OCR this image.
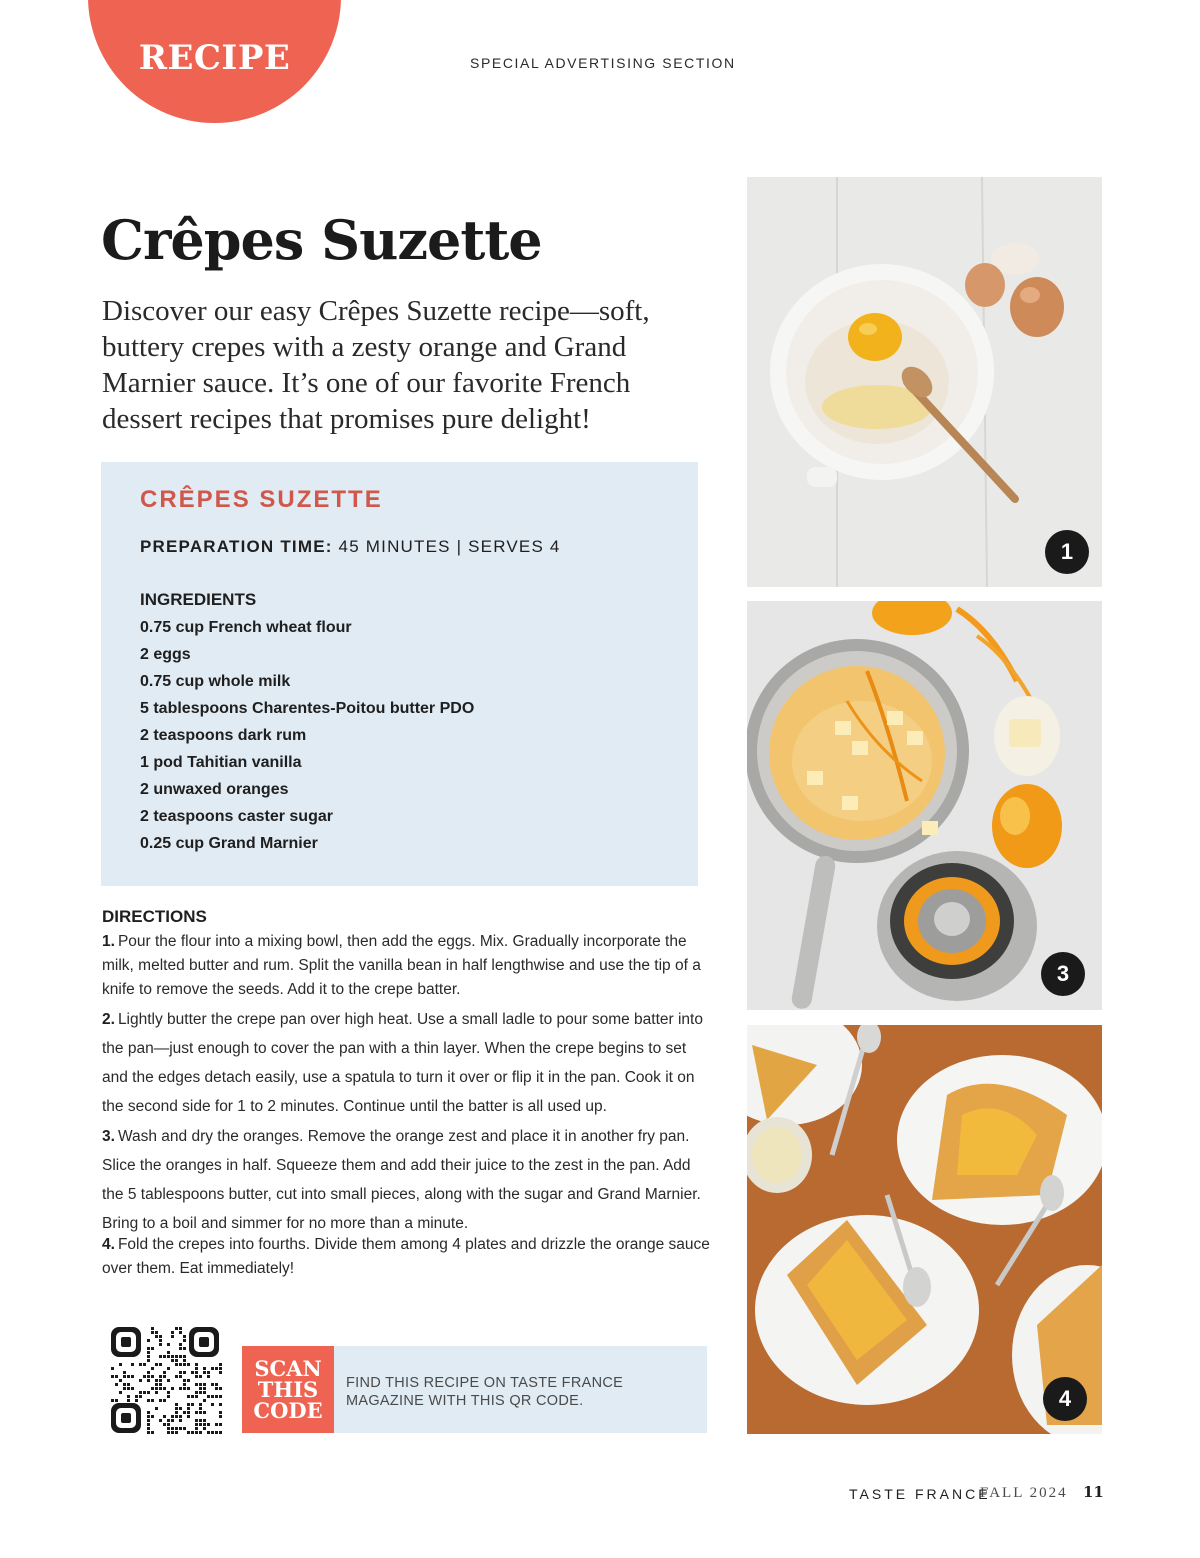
RECIPE	SPECIAL ADVERTISING SECTION
Crêpes Suzette

Discover our easy Crêpes Suzette recipe—soft, buttery crepes with a zesty orange and Grand Marnier sauce. It’s one of our favorite French dessert recipes that promises pure delight!

CRÊPES SUZETTE
PREPARATION TIME: 45 MINUTES | SERVES 4
INGREDIENTS
0.75 cup French wheat flour
2 eggs
0.75 cup whole milk
5 tablespoons Charentes-Poitou butter PDO
2 teaspoons dark rum
1 pod Tahitian vanilla
2 unwaxed oranges
2 teaspoons caster sugar
0.25 cup Grand Marnier
DIRECTIONS

1. Pour the flour into a mixing bowl, then add the eggs. Mix. Gradually incorporate the milk, melted butter and rum. Split the vanilla bean in half lengthwise and use the tip of a knife to remove the seeds. Add it to the crepe batter.

2. Lightly butter the crepe pan over high heat. Use a small ladle to pour some batter into the pan—just enough to cover the pan with a thin layer. When the crepe begins to set and the edges detach easily, use a spatula to turn it over or flip it in the pan. Cook it on the second side for 1 to 2 minutes. Continue until the batter is all used up.

3. Wash and dry the oranges. Remove the orange zest and place it in another fry pan. Slice the oranges in half. Squeeze them and add their juice to the zest in the pan. Add the 5 tablespoons butter, cut into small pieces, along with the sugar and Grand Marnier. Bring to a boil and simmer for no more than a minute.

4. Fold the crepes into fourths. Divide them among 4 plates and drizzle the orange sauce over them. Eat immediately!

SCAN
THIS
CODE
FIND THIS RECIPE ON TASTE FRANCE MAGAZINE WITH THIS QR CODE.
1
3
4
TASTE FRANCE
FALL 2024 11
